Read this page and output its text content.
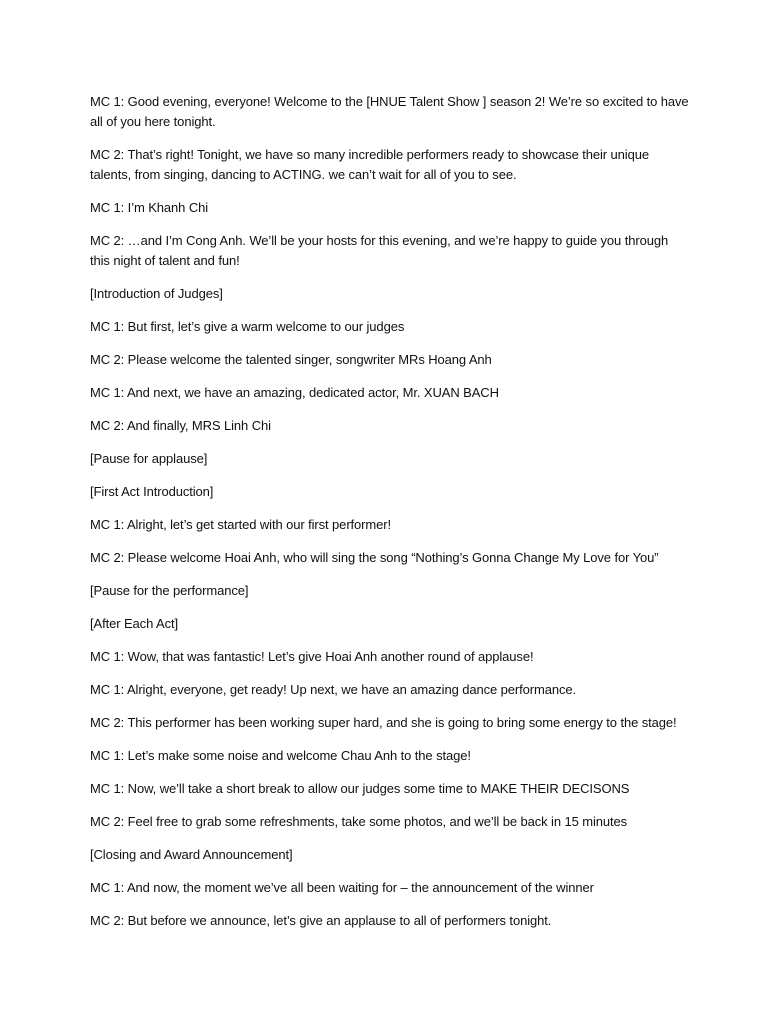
MC 1: Good evening, everyone! Welcome to the [HNUE Talent Show ] season 2! We’re so excited to have all of you here tonight.

MC 2: That’s right! Tonight, we have so many incredible performers ready to showcase their unique talents, from singing, dancing to ACTING. we can’t wait for all of you to see.

MC 1: I’m Khanh Chi

MC 2: …and I’m Cong Anh. We’ll be your hosts for this evening, and we’re happy to guide you through this night of talent and fun!

[Introduction of Judges]

MC 1: But first, let’s give a warm welcome to our judges

MC 2: Please welcome the talented singer, songwriter MRs Hoang Anh

MC 1: And next, we have an amazing, dedicated actor, Mr. XUAN BACH

MC 2: And finally, MRS Linh Chi

[Pause for applause]

[First Act Introduction]

MC 1: Alright, let’s get started with our first performer!

MC 2: Please welcome Hoai Anh, who will sing the song “Nothing’s Gonna Change My Love for You”

[Pause for the performance]

[After Each Act]

MC 1: Wow, that was fantastic! Let’s give Hoai Anh another round of applause!

MC 1: Alright, everyone, get ready! Up next, we have an amazing dance performance.

MC 2: This performer has been working super hard, and she is going to bring some energy to the stage!

MC 1: Let’s make some noise and welcome Chau Anh to the stage!

MC 1: Now, we’ll take a short break to allow our judges some time to MAKE THEIR DECISONS

MC 2: Feel free to grab some refreshments, take some photos, and we’ll be back in 15 minutes

[Closing and Award Announcement]

MC 1: And now, the moment we’ve all been waiting for – the announcement of the winner

MC 2: But before we announce, let’s give an applause to all of performers tonight.
